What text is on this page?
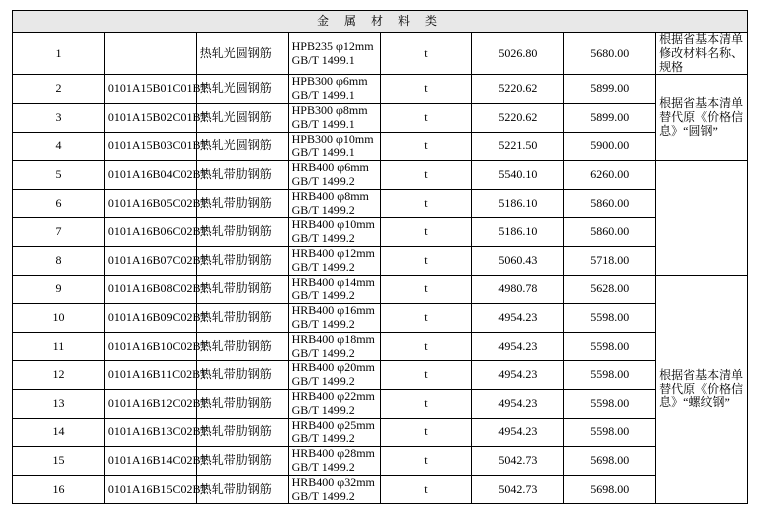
金 属 材 料 类							
1		热轧光圆钢筋	HPB235 φ12mm GB/T 1499.1	t	5026.80	5680.00	根据省基本清单修改材料名称、规格
2	0101A15B01C01BT	热轧光圆钢筋	HPB300 φ6mm GB/T 1499.1	t	5220.62	5899.00	根据省基本清单替代原《价格信息》“圆钢”
3	0101A15B02C01BT	热轧光圆钢筋	HPB300 φ8mm GB/T 1499.1	t	5220.62	5899.00	
4	0101A15B03C01BT	热轧光圆钢筋	HPB300 φ10mm GB/T 1499.1	t	5221.50	5900.00	
5	0101A16B04C02BT	热轧带肋钢筋	HRB400 φ6mm GB/T 1499.2	t	5540.10	6260.00	
6	0101A16B05C02BT	热轧带肋钢筋	HRB400 φ8mm GB/T 1499.2	t	5186.10	5860.00	
7	0101A16B06C02BT	热轧带肋钢筋	HRB400 φ10mm GB/T 1499.2	t	5186.10	5860.00	
8	0101A16B07C02BT	热轧带肋钢筋	HRB400 φ12mm GB/T 1499.2	t	5060.43	5718.00	
9	0101A16B08C02BT	热轧带肋钢筋	HRB400 φ14mm GB/T 1499.2	t	4980.78	5628.00	根据省基本清单替代原《价格信息》“螺纹钢”
10	0101A16B09C02BT	热轧带肋钢筋	HRB400 φ16mm GB/T 1499.2	t	4954.23	5598.00	
11	0101A16B10C02BT	热轧带肋钢筋	HRB400 φ18mm GB/T 1499.2	t	4954.23	5598.00	
12	0101A16B11C02BT	热轧带肋钢筋	HRB400 φ20mm GB/T 1499.2	t	4954.23	5598.00	
13	0101A16B12C02BT	热轧带肋钢筋	HRB400 φ22mm GB/T 1499.2	t	4954.23	5598.00	
14	0101A16B13C02BT	热轧带肋钢筋	HRB400 φ25mm GB/T 1499.2	t	4954.23	5598.00	
15	0101A16B14C02BT	热轧带肋钢筋	HRB400 φ28mm GB/T 1499.2	t	5042.73	5698.00	
16	0101A16B15C02BT	热轧带肋钢筋	HRB400 φ32mm GB/T 1499.2	t	5042.73	5698.00	
